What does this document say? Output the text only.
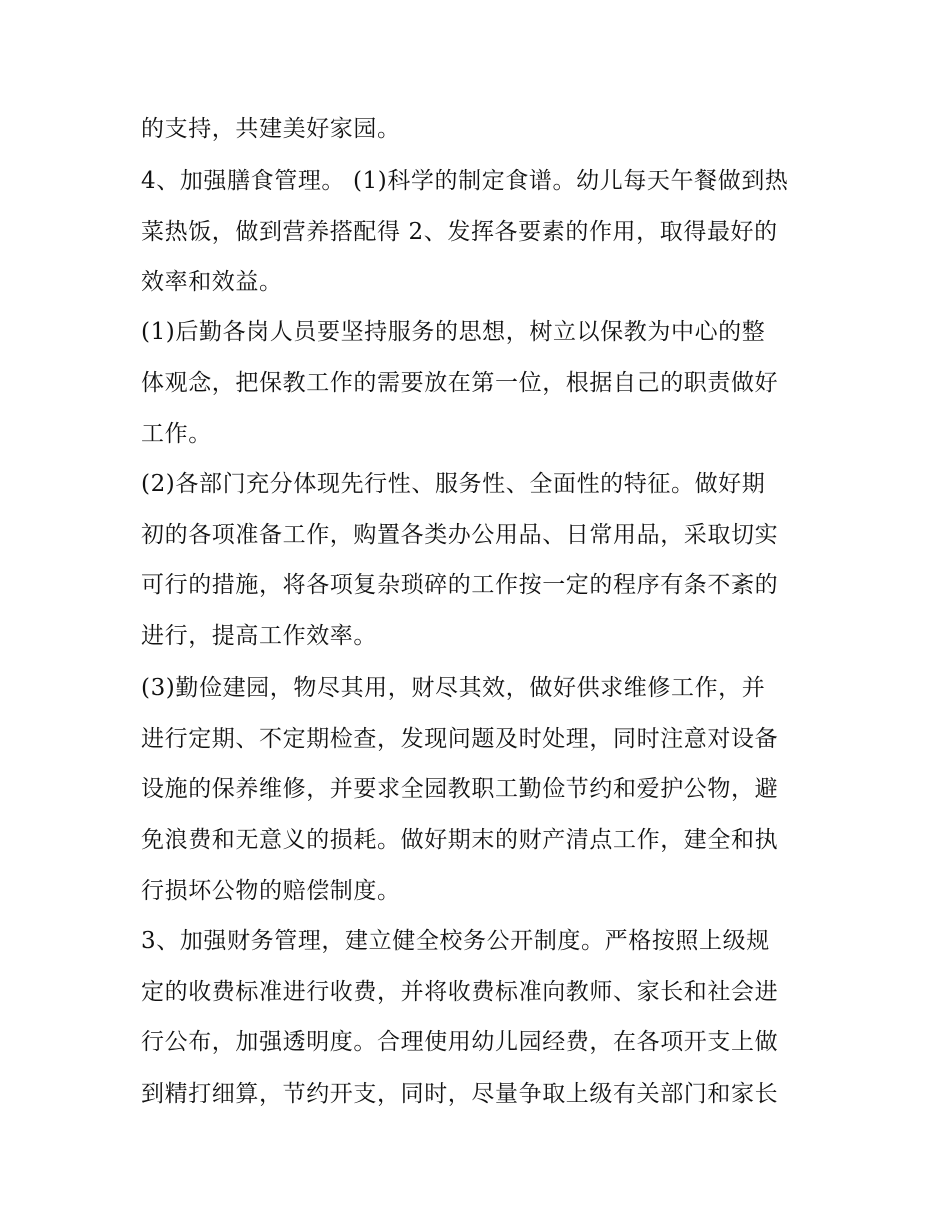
的支持，共建美好家园。
4、加强膳食管理。 (1)科学的制定食谱。幼儿每天午餐做到热
菜热饭，做到营养搭配得 2、发挥各要素的作用，取得最好的
效率和效益。
(1)后勤各岗人员要坚持服务的思想，树立以保教为中心的整
体观念，把保教工作的需要放在第一位，根据自己的职责做好
工作。
(2)各部门充分体现先行性、服务性、全面性的特征。做好期
初的各项准备工作，购置各类办公用品、日常用品，采取切实
可行的措施，将各项复杂琐碎的工作按一定的程序有条不紊的
进行，提高工作效率。
(3)勤俭建园，物尽其用，财尽其效，做好供求维修工作，并
进行定期、不定期检查，发现问题及时处理，同时注意对设备
设施的保养维修，并要求全园教职工勤俭节约和爱护公物，避
免浪费和无意义的损耗。做好期末的财产清点工作，建全和执
行损坏公物的赔偿制度。
3、加强财务管理，建立健全校务公开制度。严格按照上级规
定的收费标准进行收费，并将收费标准向教师、家长和社会进
行公布，加强透明度。合理使用幼儿园经费，在各项开支上做
到精打细算，节约开支，同时，尽量争取上级有关部门和家长
